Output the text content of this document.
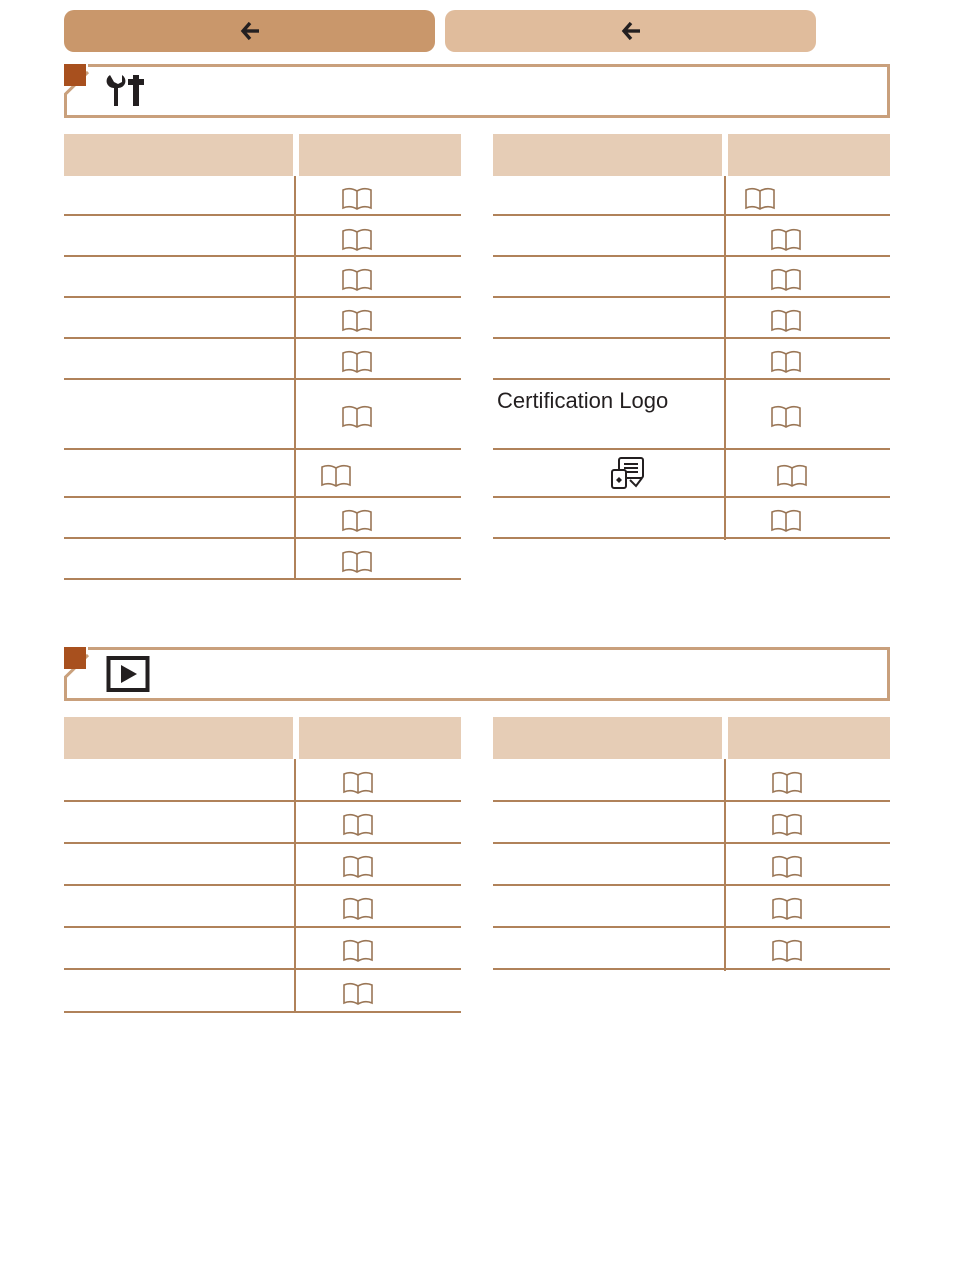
Certification Logo
